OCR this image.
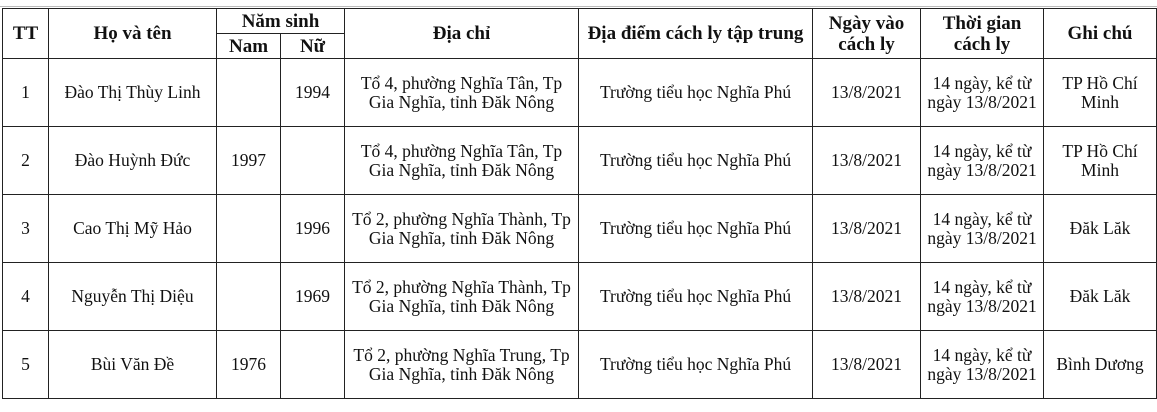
TT	Họ và tên	Năm sinh		Địa chỉ	Địa điểm cách ly tập trung	Ngày vào cách ly	Thời gian cách ly	Ghi chú
		Nam	Nữ					
1	Đào Thị Thùy Linh		1994	Tổ 4, phường Nghĩa Tân, Tp Gia Nghĩa, tỉnh Đăk Nông	Trường tiểu học Nghĩa Phú	13/8/2021	14 ngày, kể từ ngày 13/8/2021	TP Hồ Chí Minh
2	Đào Huỳnh Đức	1997		Tổ 4, phường Nghĩa Tân, Tp Gia Nghĩa, tỉnh Đăk Nông	Trường tiểu học Nghĩa Phú	13/8/2021	14 ngày, kể từ ngày 13/8/2021	TP Hồ Chí Minh
3	Cao Thị Mỹ Hảo		1996	Tổ 2, phường Nghĩa Thành, Tp Gia Nghĩa, tỉnh Đăk Nông	Trường tiểu học Nghĩa Phú	13/8/2021	14 ngày, kể từ ngày 13/8/2021	Đăk Lăk
4	Nguyễn Thị Diệu		1969	Tổ 2, phường Nghĩa Thành, Tp Gia Nghĩa, tỉnh Đăk Nông	Trường tiểu học Nghĩa Phú	13/8/2021	14 ngày, kể từ ngày 13/8/2021	Đăk Lăk
5	Bùi Văn Đề	1976		Tổ 2, phường Nghĩa Trung, Tp Gia Nghĩa, tỉnh Đăk Nông	Trường tiểu học Nghĩa Phú	13/8/2021	14 ngày, kể từ ngày 13/8/2021	Bình Dương
